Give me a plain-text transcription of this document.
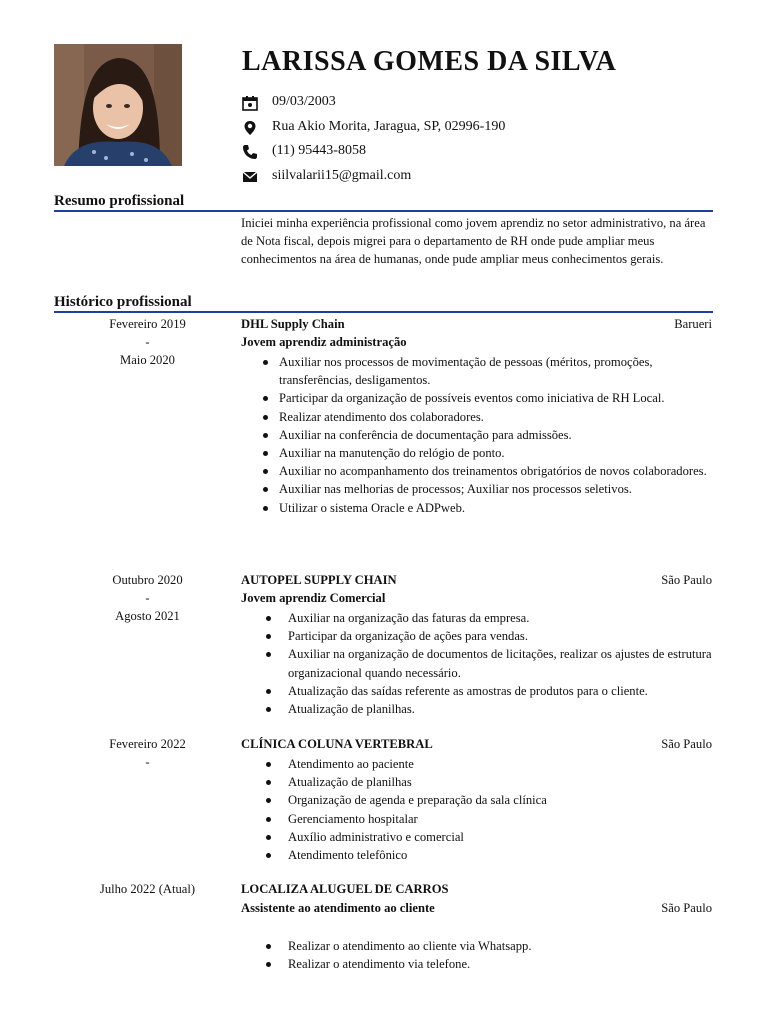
LARISSA GOMES DA SILVA
09/03/2003
Rua Akio Morita, Jaragua, SP, 02996-190
(11) 95443-8058
siilvalarii15@gmail.com
Resumo profissional
Iniciei minha experiência profissional como jovem aprendiz no setor administrativo, na área de Nota fiscal, depois migrei para o departamento de RH onde pude ampliar meus conhecimentos na área de humanas, onde pude ampliar meus conhecimentos gerais.
Histórico profissional
Fevereiro 2019
-
Maio 2020
DHL Supply Chain	Barueri
Jovem aprendiz administração
Auxiliar nos processos de movimentação de pessoas (méritos, promoções, transferências, desligamentos.
Participar da organização de possíveis eventos como iniciativa de RH Local.
Realizar atendimento dos colaboradores.
Auxiliar na conferência de documentação para admissões.
Auxiliar na manutenção do relógio de ponto.
Auxiliar no acompanhamento dos treinamentos obrigatórios de novos colaboradores.
Auxiliar nas melhorias de processos; Auxiliar nos processos seletivos.
Utilizar o sistema Oracle e ADPweb.
Outubro 2020
-
Agosto 2021
AUTOPEL SUPPLY CHAIN	São Paulo
Jovem aprendiz Comercial
Auxiliar na organização das faturas da empresa.
Participar da organização de ações para vendas.
Auxiliar na organização de documentos de licitações, realizar os ajustes de estrutura organizacional quando necessário.
Atualização das saídas referente as amostras de produtos para o cliente.
Atualização de planilhas.
Fevereiro 2022
-
CLÍNICA COLUNA VERTEBRAL	São Paulo
Atendimento ao paciente
Atualização de planilhas
Organização de agenda e preparação da sala clínica
Gerenciamento hospitalar
Auxílio administrativo e comercial
Atendimento telefônico
Julho 2022 (Atual)	LOCALIZA ALUGUEL DE CARROS
Assistente ao atendimento ao cliente	São Paulo
Realizar o atendimento ao cliente via Whatsapp.
Realizar o atendimento via telefone.
